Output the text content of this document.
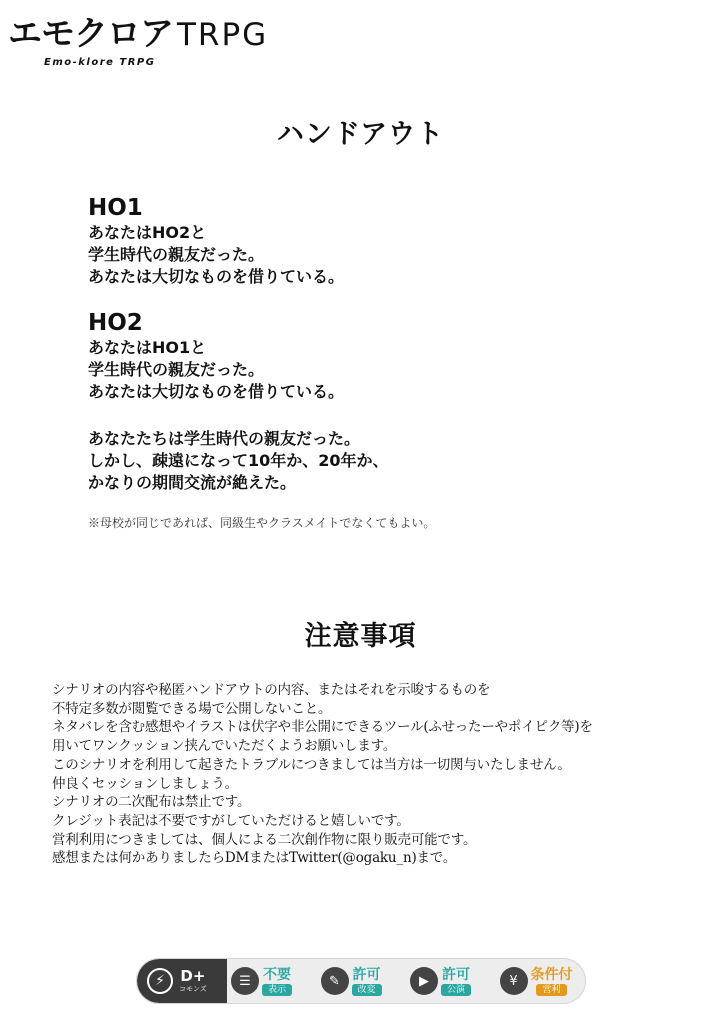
エモクロア TRPG
Emo-klore TRPG
ハンドアウト
HO1
あなたはHO2と
学生時代の親友だった。
あなたは大切なものを借りている。
HO2
あなたはHO1と
学生時代の親友だった。
あなたは大切なものを借りている。
あなたたちは学生時代の親友だった。
しかし、疎遠になって10年か、20年か、
かなりの期間交流が絶えた。
※母校が同じであれば、同級生やクラスメイトでなくてもよい。
注意事項
シナリオの内容や秘匿ハンドアウトの内容、またはそれを示唆するものを
不特定多数が閲覧できる場で公開しないこと。
ネタバレを含む感想やイラストは伏字や非公開にできるツール(ふせったーやポイピク等)を
用いてワンクッション挟んでいただくようお願いします。
このシナリオを利用して起きたトラブルにつきましては当方は一切関与いたしません。
仲良くセッションしましょう。
シナリオの二次配布は禁止です。
クレジット表記は不要ですがしていただけると嬉しいです。
営利利用につきましては、個人による二次創作物に限り販売可能です。
感想または何かありましたらDMまたはTwitter(@ogaku_n)まで。
⚡	D+
コモンズ
☰ 不要
表示
✎ 許可
改変
▶ 許可
公演
¥ 条件付
営利
